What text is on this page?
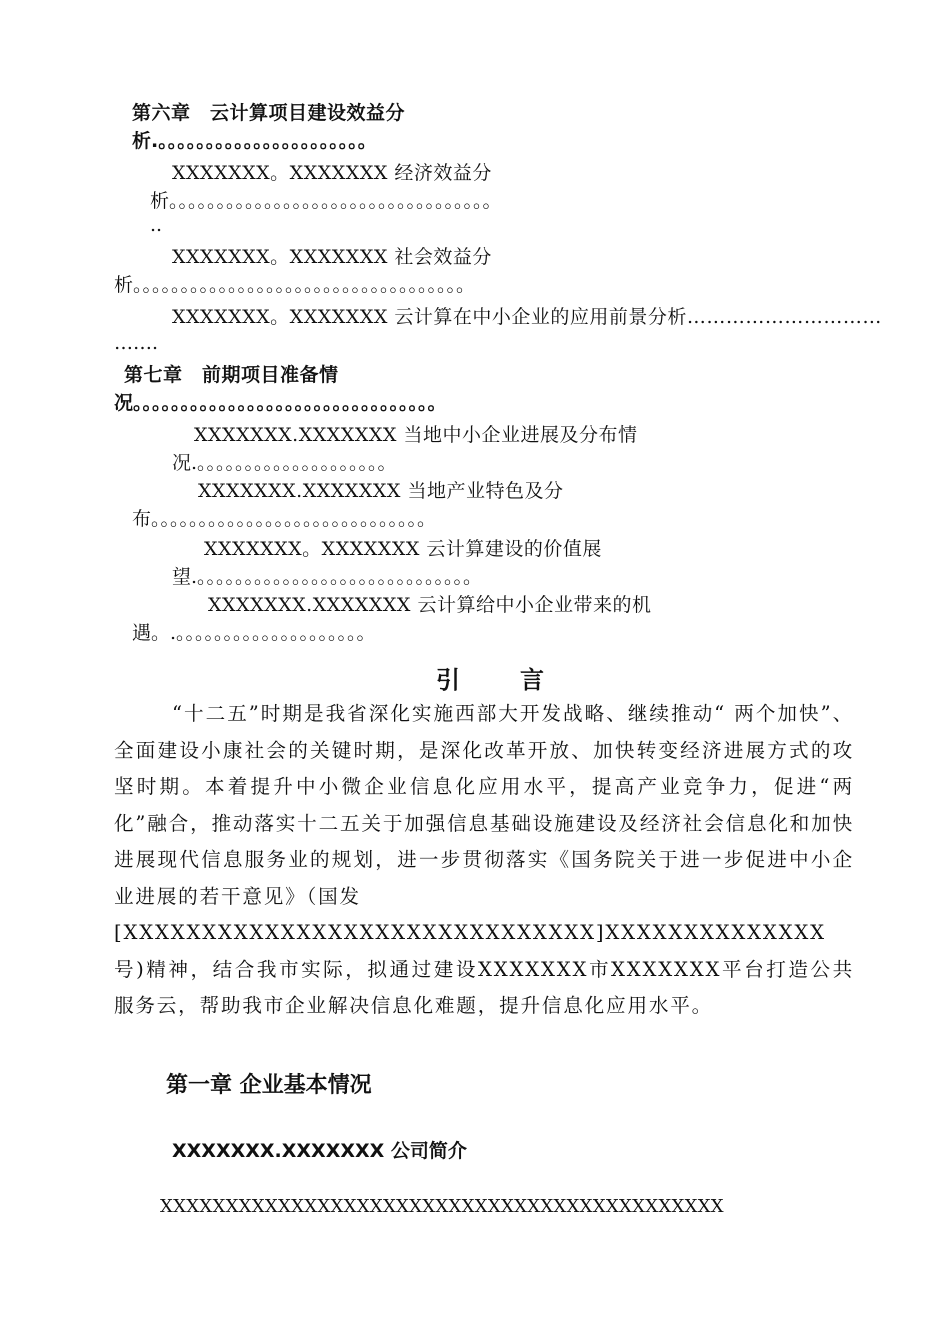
第六章　云计算项目建设效益分
析.。。。。。。。。。。。。。。。。。。。。。。
XXXXXXX。XXXXXXX 经济效益分
析。。。。。。。。。。。。。。。。。。。。。。。。。。。。。。。。。。
..
XXXXXXX。XXXXXXX 社会效益分
析。。。。。。。。。。。。。。。。。。。。。。。。。。。。。。。。。。。
XXXXXXX。XXXXXXX 云计算在中小企业的应用前景分析…………………………
…….
第七章　前期项目准备情
况。。。。。。。。。。。。。。。。。。。。。。。。。。。。。。。。
XXXXXXX.XXXXXXX 当地中小企业进展及分布情
况.。。。。。。。。。。。。。。。。。。。。
XXXXXXX.XXXXXXX 当地产业特色及分
布。。。。。。。。。。。。。。。。。。。。。。。。。。。。。
XXXXXXX。XXXXXXX 云计算建设的价值展
望.。。。。。。。。。。。。。。。。。。。。。。。。。。。。。
XXXXXXX.XXXXXXX 云计算给中小企业带来的机
遇。.。。。。。。。。。。。。。。。。。。。。
引言

“十二五”时期是我省深化实施西部大开发战略、继续推动“ 两个加快”、全面建设小康社会的关键时期，是深化改革开放、加快转变经济进展方式的攻坚时期。本着提升中小微企业信息化应用水平，提高产业竞争力，促进“两化”融合，推动落实十二五关于加强信息基础设施建设及经济社会信息化和加快进展现代信息服务业的规划，进一步贯彻落实《国务院关于进一步促进中小企业进展的若干意见》（国发

[XXXXXXXXXXXXXXXXXXXXXXXXXXXXXX]XXXXXXXXXXXXXX号)精神，结合我市实际，拟通过建设XXXXXXX市XXXXXXX平台打造公共服务云，帮助我市企业解决信息化难题，提升信息化应用水平。

第一章 企业基本情况
XXXXXXX.XXXXXXX 公司简介
XXXXXXXXXXXXXXXXXXXXXXXXXXXXXXXXXXXXXXXXXXX
